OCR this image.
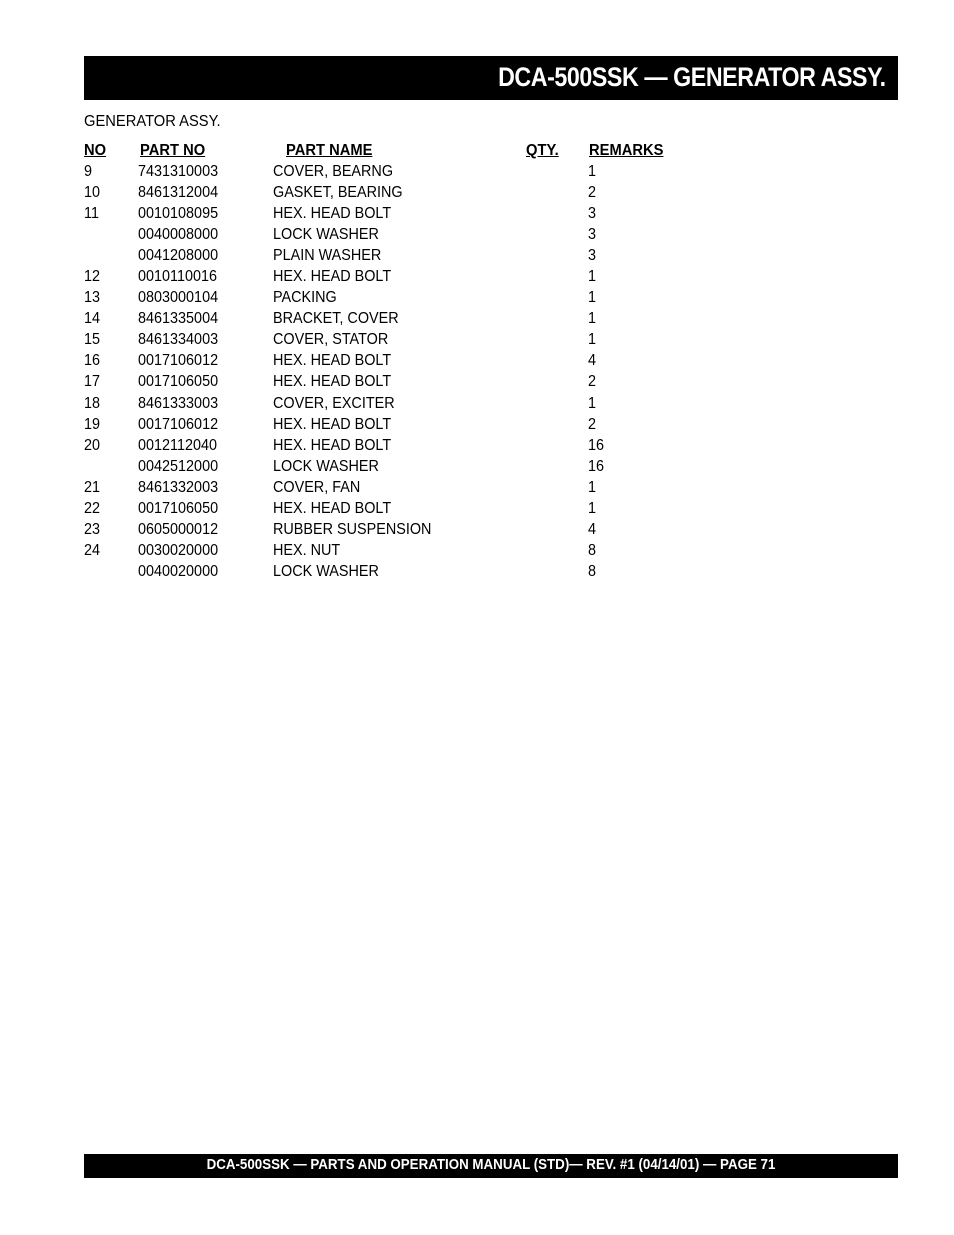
DCA-500SSK — GENERATOR ASSY.
GENERATOR ASSY.
NO PART NO	PART NAME	QTY. REMARKS
9	7431310003	COVER, BEARNG	1
10 8461312004	GASKET, BEARING	2
11 0010108095	HEX. HEAD BOLT	3
0040008000	LOCK WASHER	3
0041208000	PLAIN WASHER	3
12 0010110016	HEX. HEAD BOLT	1
13 0803000104	PACKING	1
14 8461335004	BRACKET, COVER	1
15 8461334003	COVER, STATOR	1
16 0017106012	HEX. HEAD BOLT	4
17 0017106050	HEX. HEAD BOLT	2
18 8461333003	COVER, EXCITER	1
19 0017106012	HEX. HEAD BOLT	2
20 0012112040	HEX. HEAD BOLT	16
0042512000	LOCK WASHER	16
21 8461332003	COVER, FAN	1
22 0017106050	HEX. HEAD BOLT	1
23 0605000012	RUBBER SUSPENSION	4
24 0030020000	HEX. NUT	8
0040020000	LOCK WASHER	8
DCA-500SSK — PARTS AND OPERATION MANUAL (STD)— REV. #1 (04/14/01) — PAGE 71
